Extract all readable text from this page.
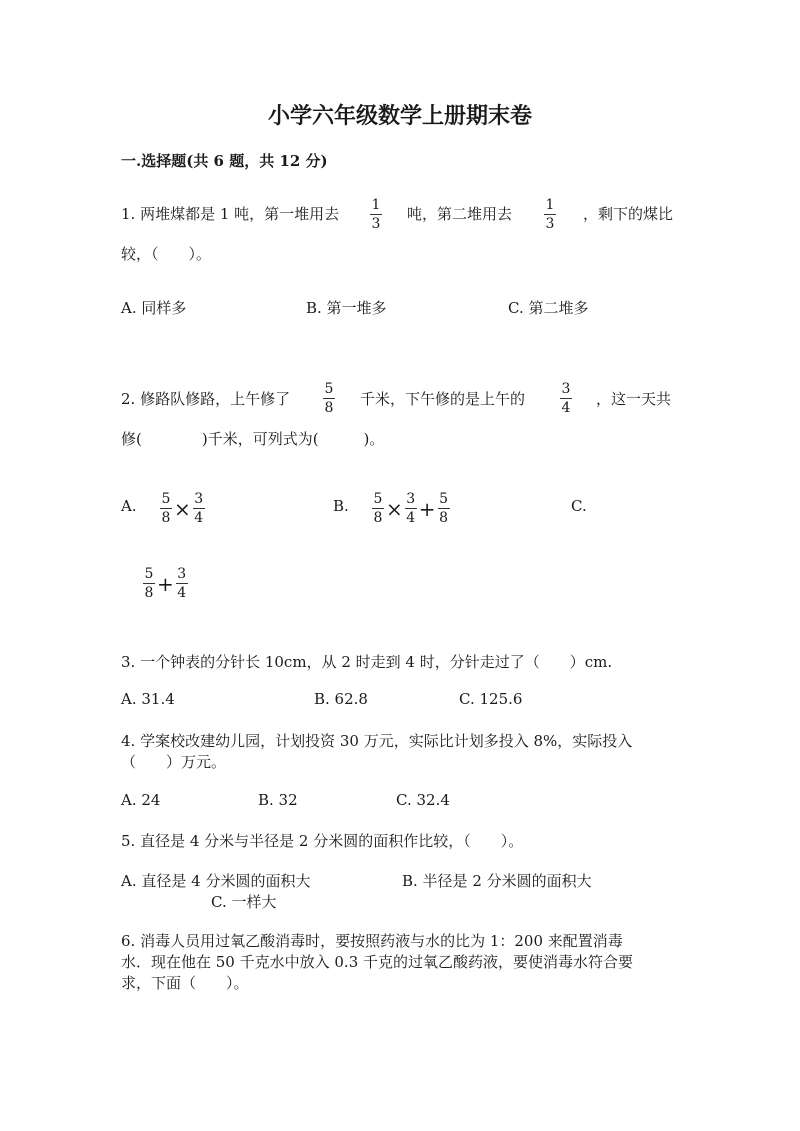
小学六年级数学上册期末卷
一.选择题(共 6 题，共 12 分)
1. 两堆煤都是 1 吨，第一堆用去 1
3
吨，第二堆用去 1
3
，剩下的煤比
较，（　　）。
A. 同样多	B. 第一堆多	C. 第二堆多
2. 修路队修路，上午修了
5
8 千米，下午修的是上午的
3
4 ，这一天共
修(　　　　)千米，可列式为(　　　)。
A. $\frac{5}{8} \times \frac{3}{4}$	B. $\frac{5}{8} \times \frac{3}{4} + \frac{5}{8}$	C.
$\frac{5}{8} + \frac{3}{4}$
3. 一个钟表的分针长 10cm，从 2 时走到 4 时，分针走过了（　　）cm.
A. 31.4	B. 62.8	C. 125.6
4. 学案校改建幼儿园，计划投资 30 万元，实际比计划多投入 8%，实际投入
（　　）万元。
A. 24	B. 32	C. 32.4
5. 直径是 4 分米与半径是 2 分米圆的面积作比较，（　　）。
A. 直径是 4 分米圆的面积大	B. 半径是 2 分米圆的面积大
C. 一样大
6. 消毒人员用过氧乙酸消毒时，要按照药液与水的比为 1：200 来配置消毒
水．现在他在 50 千克水中放入 0.3 千克的过氧乙酸药液，要使消毒水符合要
求，下面（　　）。
